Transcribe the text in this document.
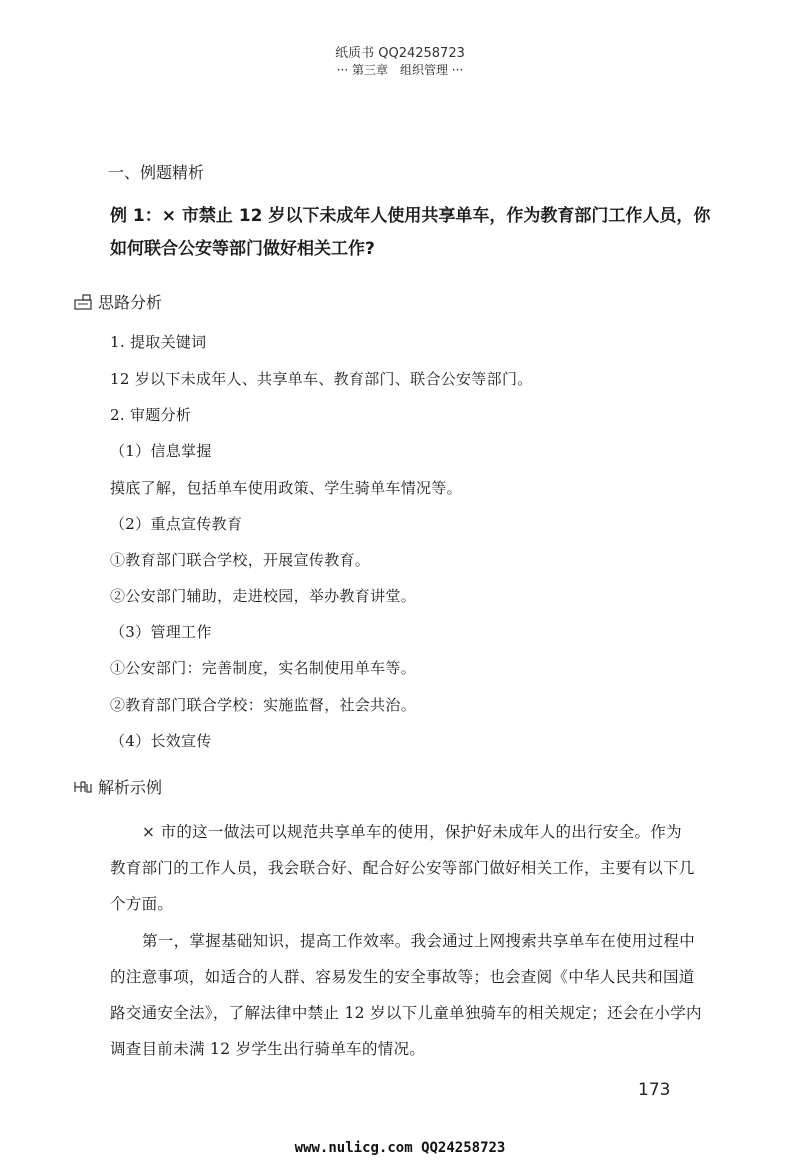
纸质书 QQ24258723
··· 第三章　组织管理 ···
一、例题精析

例 1：× 市禁止 12 岁以下未成年人使用共享单车，作为教育部门工作人员，你

如何联合公安等部门做好相关工作?

思路分析
1. 提取关键词
12 岁以下未成年人、共享单车、教育部门、联合公安等部门。
2. 审题分析
（1）信息掌握
摸底了解，包括单车使用政策、学生骑单车情况等。
（2）重点宣传教育
①教育部门联合学校，开展宣传教育。
②公安部门辅助，走进校园，举办教育讲堂。
（3）管理工作
①公安部门：完善制度，实名制使用单车等。
②教育部门联合学校：实施监督，社会共治。
（4）长效宣传
解析示例

× 市的这一做法可以规范共享单车的使用，保护好未成年人的出行安全。作为

教育部门的工作人员，我会联合好、配合好公安等部门做好相关工作，主要有以下几

个方面。

第一，掌握基础知识，提高工作效率。我会通过上网搜索共享单车在使用过程中

的注意事项，如适合的人群、容易发生的安全事故等；也会查阅《中华人民共和国道

路交通安全法》，了解法律中禁止 12 岁以下儿童单独骑车的相关规定；还会在小学内

调查目前未满 12 岁学生出行骑单车的情况。

173
www.nulicg.com QQ24258723
